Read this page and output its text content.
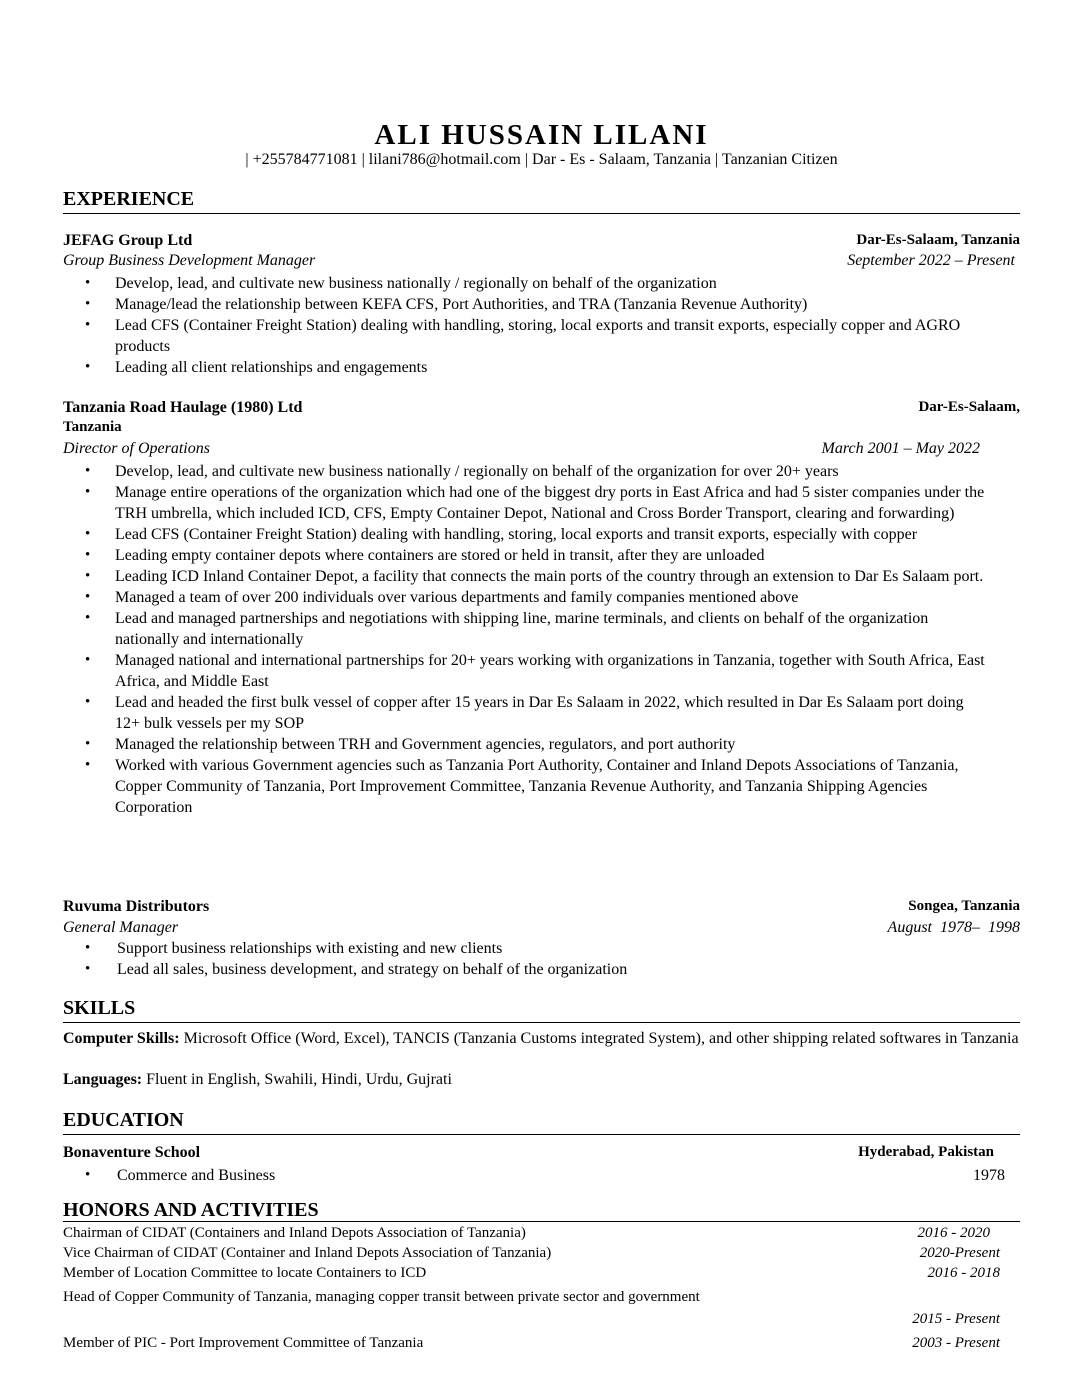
ALI HUSSAIN LILANI
| +255784771081 | lilani786@hotmail.com | Dar - Es - Salaam, Tanzania | Tanzanian Citizen
EXPERIENCE
JEFAG Group Ltd	Dar-Es-Salaam, Tanzania
Group Business Development Manager	September 2022 – Present
• Develop, lead, and cultivate new business nationally / regionally on behalf of the organization
• Manage/lead the relationship between KEFA CFS, Port Authorities, and TRA (Tanzania Revenue Authority)
• Lead CFS (Container Freight Station) dealing with handling, storing, local exports and transit exports, especially copper and AGRO products
• Leading all client relationships and engagements
Tanzania Road Haulage (1980) Ltd	Dar-Es-Salaam,
Tanzania
Director of Operations	March 2001 – May 2022
• Develop, lead, and cultivate new business nationally / regionally on behalf of the organization for over 20+ years
• Manage entire operations of the organization which had one of the biggest dry ports in East Africa and had 5 sister companies under the TRH umbrella, which included ICD, CFS, Empty Container Depot, National and Cross Border Transport, clearing and forwarding)
• Lead CFS (Container Freight Station) dealing with handling, storing, local exports and transit exports, especially with copper
• Leading empty container depots where containers are stored or held in transit, after they are unloaded
• Leading ICD Inland Container Depot, a facility that connects the main ports of the country through an extension to Dar Es Salaam port.
• Managed a team of over 200 individuals over various departments and family companies mentioned above
• Lead and managed partnerships and negotiations with shipping line, marine terminals, and clients on behalf of the organization nationally and internationally
• Managed national and international partnerships for 20+ years working with organizations in Tanzania, together with South Africa, East Africa, and Middle East
• Lead and headed the first bulk vessel of copper after 15 years in Dar Es Salaam in 2022, which resulted in Dar Es Salaam port doing 12+ bulk vessels per my SOP
• Managed the relationship between TRH and Government agencies, regulators, and port authority
• Worked with various Government agencies such as Tanzania Port Authority, Container and Inland Depots Associations of Tanzania, Copper Community of Tanzania, Port Improvement Committee, Tanzania Revenue Authority, and Tanzania Shipping Agencies Corporation
Ruvuma Distributors	Songea, Tanzania
General Manager	August  1978–  1998
• Support business relationships with existing and new clients
• Lead all sales, business development, and strategy on behalf of the organization
SKILLS
Computer Skills: Microsoft Office (Word, Excel), TANCIS (Tanzania Customs integrated System), and other shipping related softwares in Tanzania
Languages: Fluent in English, Swahili, Hindi, Urdu, Gujrati
EDUCATION
Bonaventure School	Hyderabad, Pakistan
• Commerce and Business	1978
HONORS AND ACTIVITIES
Chairman of CIDAT (Containers and Inland Depots Association of Tanzania)	2016 - 2020
Vice Chairman of CIDAT (Container and Inland Depots Association of Tanzania)	2020-Present
Member of Location Committee to locate Containers to ICD	2016 - 2018
Head of Copper Community of Tanzania, managing copper transit between private sector and government
2015 - Present
Member of PIC - Port Improvement Committee of Tanzania	2003 - Present
